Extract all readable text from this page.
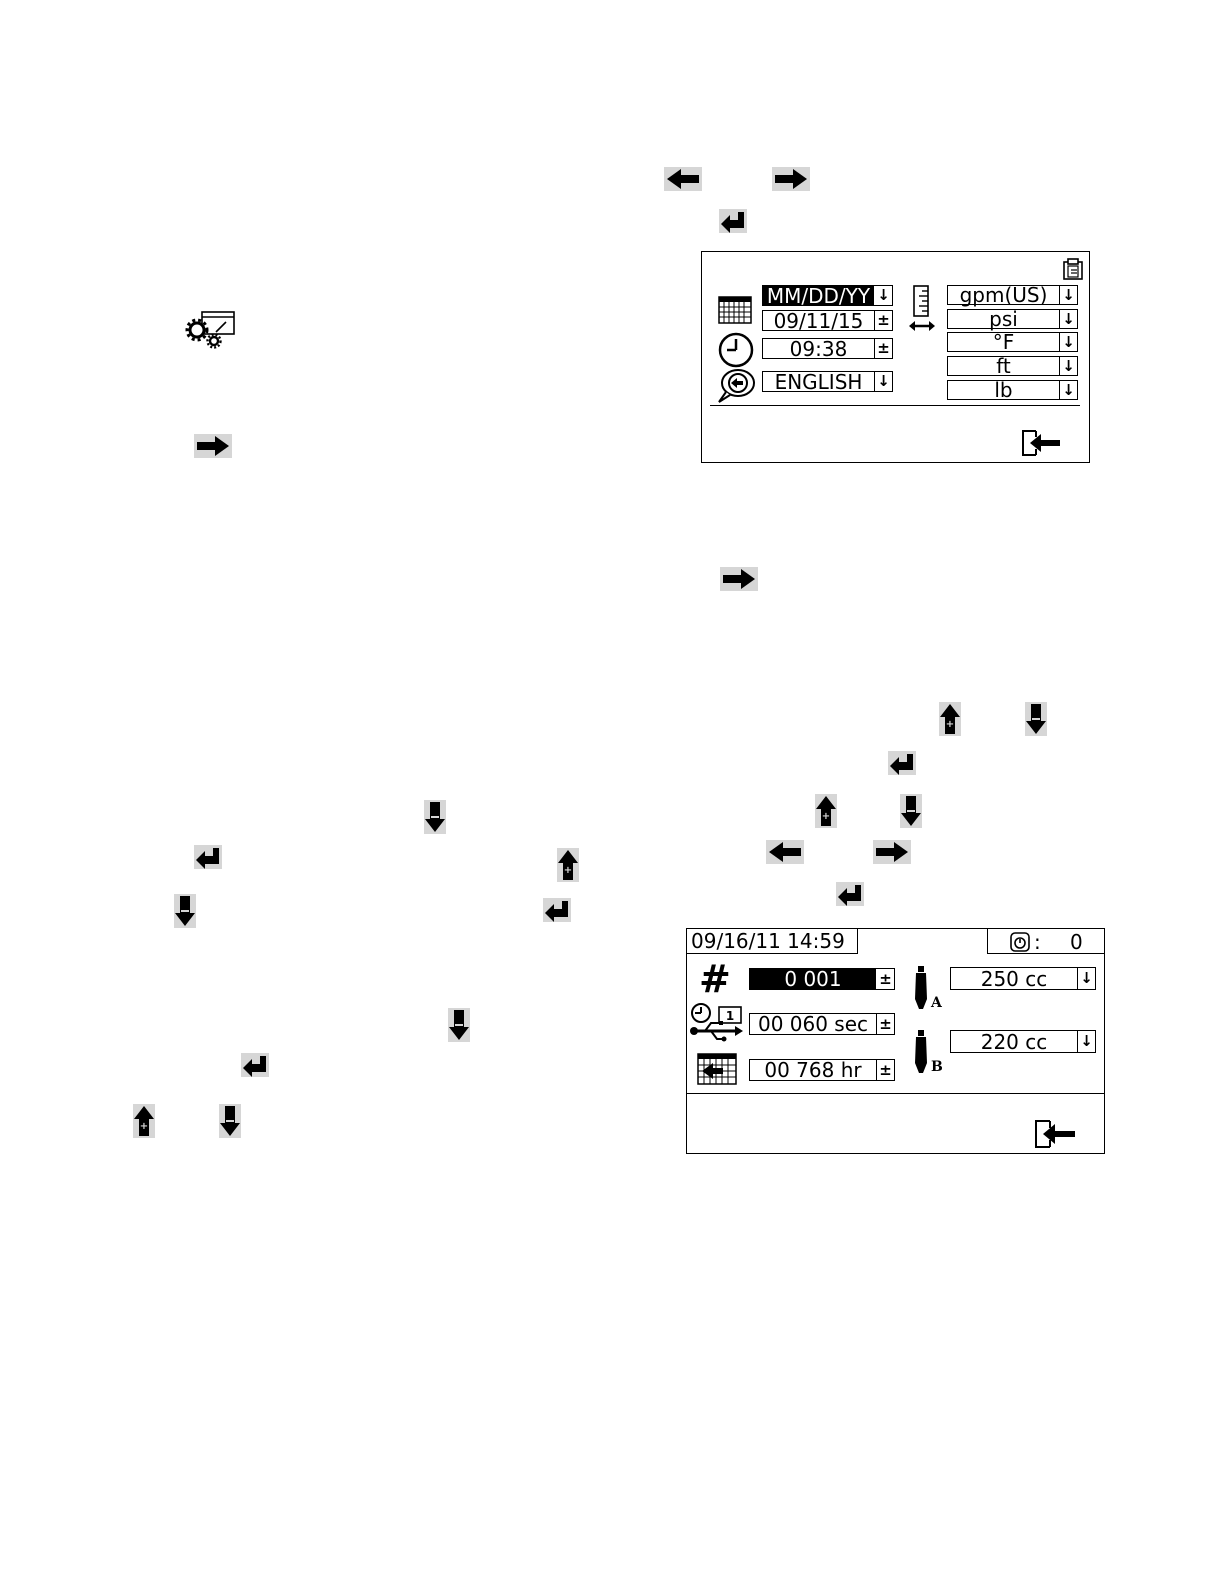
MM/DD/YY ↓
09/11/15 ±
09:38	±
ENGLISH ↓
gpm(US) ↓
psi	↓
°F	↓
ft	↓
lb	↓
09/16/11 14:59	: 0
#
1
0 001	±
00 060 sec ±
00 768 hr	±
A
B
250 cc	↓
220 cc	↓
